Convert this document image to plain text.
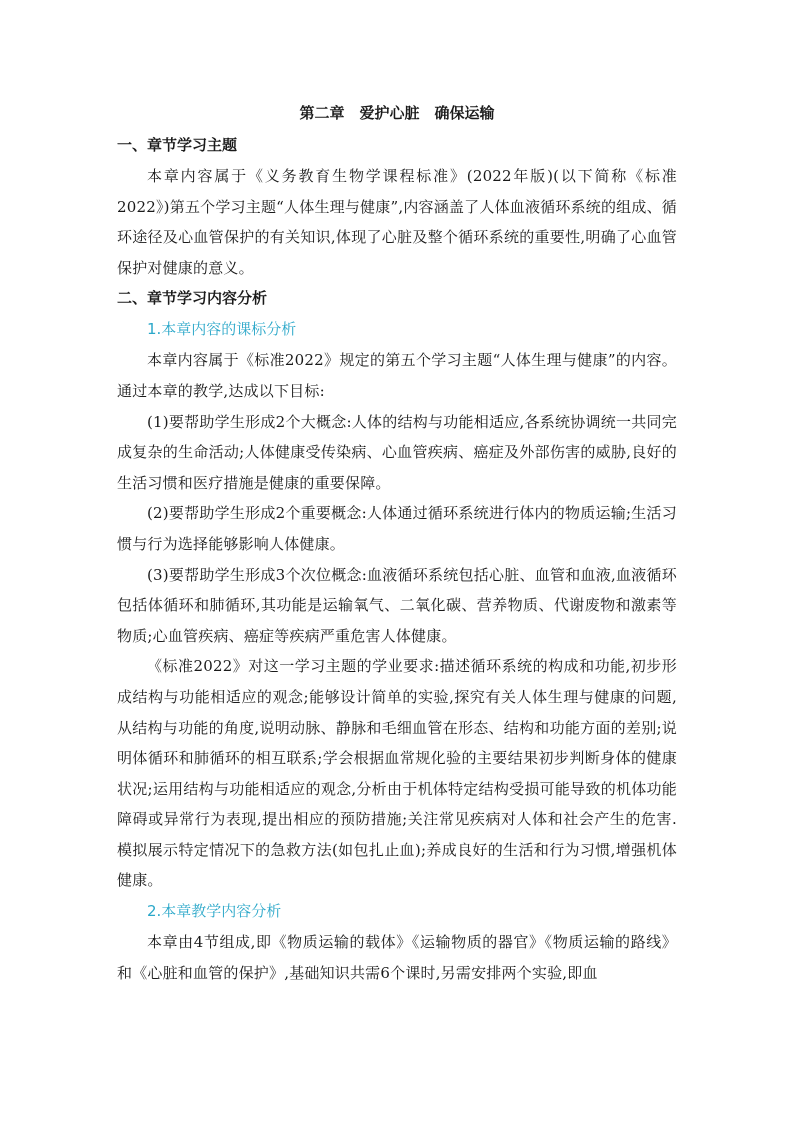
第二章　爱护心脏　确保运输
一、章节学习主题

本章内容属于《义务教育生物学课程标准》(2022年版)(以下简称《标准2022》)第五个学习主题“人体生理与健康”,内容涵盖了人体血液循环系统的组成、循环途径及心血管保护的有关知识,体现了心脏及整个循环系统的重要性,明确了心血管保护对健康的意义。

二、章节学习内容分析
1.本章内容的课标分析

本章内容属于《标准2022》规定的第五个学习主题“人体生理与健康”的内容。通过本章的教学,达成以下目标:

(1)要帮助学生形成2个大概念:人体的结构与功能相适应,各系统协调统一共同完成复杂的生命活动;人体健康受传染病、心血管疾病、癌症及外部伤害的威胁,良好的生活习惯和医疗措施是健康的重要保障。

(2)要帮助学生形成2个重要概念:人体通过循环系统进行体内的物质运输;生活习惯与行为选择能够影响人体健康。

(3)要帮助学生形成3个次位概念:血液循环系统包括心脏、血管和血液,血液循环包括体循环和肺循环,其功能是运输氧气、二氧化碳、营养物质、代谢废物和激素等物质;心血管疾病、癌症等疾病严重危害人体健康。

《标准2022》对这一学习主题的学业要求:描述循环系统的构成和功能,初步形成结构与功能相适应的观念;能够设计简单的实验,探究有关人体生理与健康的问题,从结构与功能的角度,说明动脉、静脉和毛细血管在形态、结构和功能方面的差别;说明体循环和肺循环的相互联系;学会根据血常规化验的主要结果初步判断身体的健康状况;运用结构与功能相适应的观念,分析由于机体特定结构受损可能导致的机体功能障碍或异常行为表现,提出相应的预防措施;关注常见疾病对人体和社会产生的危害.模拟展示特定情况下的急救方法(如包扎止血);养成良好的生活和行为习惯,增强机体健康。

2.本章教学内容分析

本章由4节组成,即《物质运输的载体》《运输物质的器官》《物质运输的路线》和《心脏和血管的保护》,基础知识共需6个课时,另需安排两个实验,即血
